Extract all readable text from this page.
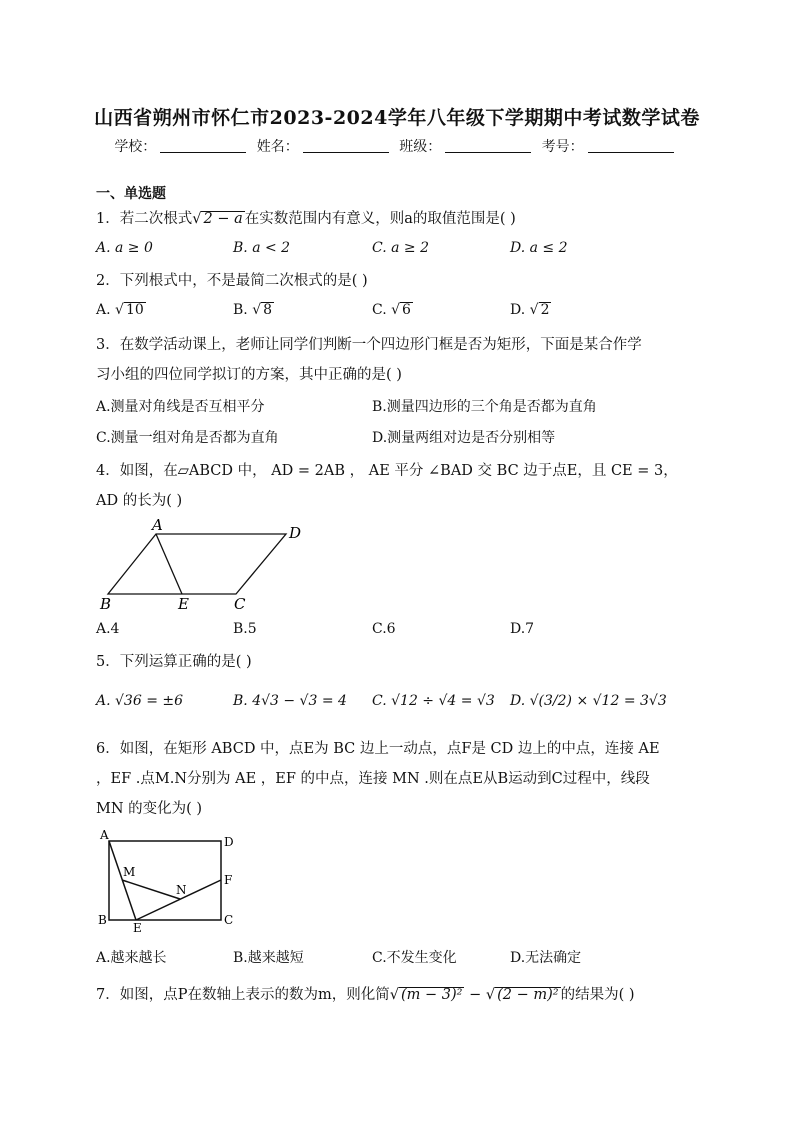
山西省朔州市怀仁市2023-2024学年八年级下学期期中考试数学试卷
学校：	姓名：	班级：	考号：
一、单选题
1．若二次根式√ 2 − a 在实数范围内有意义，则a的取值范围是( )
A. a ≥ 0	B. a < 2	C. a ≥ 2	D. a ≤ 2
2．下列根式中，不是最简二次根式的是( )
A. √ 10	B. √ 8	C. √ 6	D. √ 2
3．在数学活动课上，老师让同学们判断一个四边形门框是否为矩形，下面是某合作学
习小组的四位同学拟订的方案，其中正确的是( )
A.测量对角线是否互相平分	B.测量四边形的三个角是否都为直角
C.测量一组对角是否都为直角	D.测量两组对边是否分别相等
4．如图，在▱ABCD 中， AD = 2AB ， AE 平分 ∠BAD 交 BC 边于点E，且 CE = 3，
AD 的长为( )
A	D
B	E	C
A.4	B.5	C.6	D.7
5．下列运算正确的是( )
A. √36 = ±6	B. 4√3 − √3 = 4 C. √12 ÷ √4 = √3 D. √(3/2) × √12 = 3√3
6．如图，在矩形 ABCD 中，点E为 BC 边上一动点，点F是 CD 边上的中点，连接 AE
，EF .点M.N分别为 AE ，EF 的中点，连接 MN .则在点E从B运动到C过程中，线段
MN 的变化为( )
A	D
M
N
F
B
E
C
A.越来越长	B.越来越短	C.不发生变化	D.无法确定
7．如图，点P在数轴上表示的数为m，则化简√ (m − 3)² − √ (2 − m)² 的结果为( )
